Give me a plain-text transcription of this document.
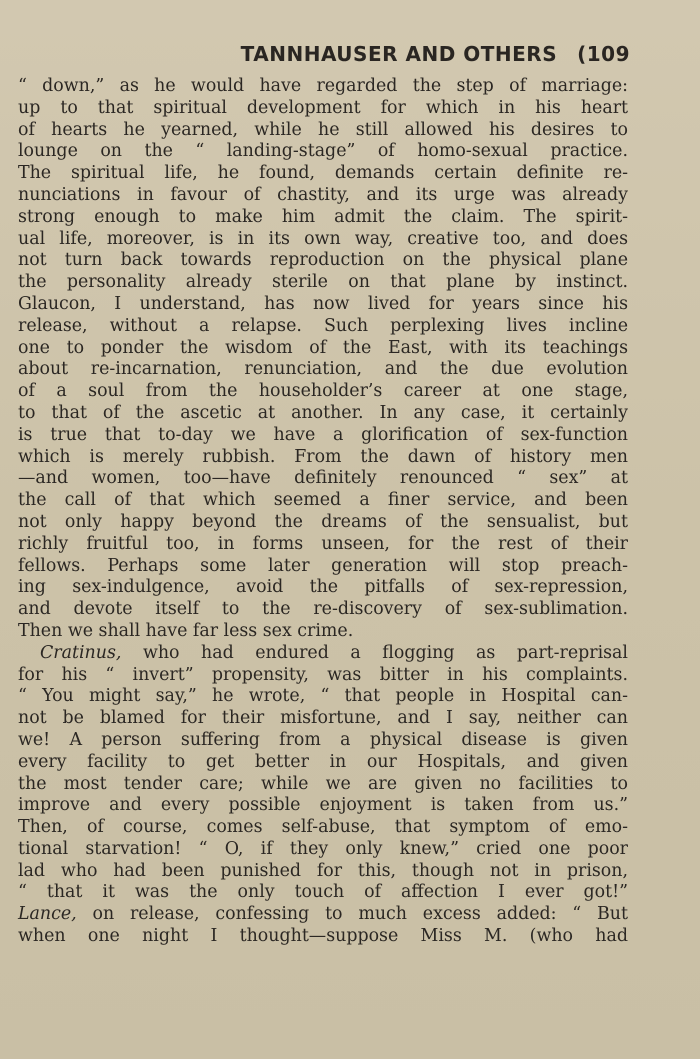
TANNHAUSER AND OTHERS (109
“ down,” as he would have regarded the step of marriage:
up to that spiritual development for which in his heart
of hearts he yearned, while he still allowed his desires to
lounge on the “ landing-stage” of homo-sexual practice.
The spiritual life, he found, demands certain definite re-
nunciations in favour of chastity, and its urge was already
strong enough to make him admit the claim. The spirit-
ual life, moreover, is in its own way, creative too, and does
not turn back towards reproduction on the physical plane
the personality already sterile on that plane by instinct.
Glaucon, I understand, has now lived for years since his
release, without a relapse. Such perplexing lives incline
one to ponder the wisdom of the East, with its teachings
about re-incarnation, renunciation, and the due evolution
of a soul from the householder’s career at one stage,
to that of the ascetic at another. In any case, it certainly
is true that to-day we have a glorification of sex-function
which is merely rubbish. From the dawn of history men
—and women, too—have definitely renounced “ sex” at
the call of that which seemed a finer service, and been
not only happy beyond the dreams of the sensualist, but
richly fruitful too, in forms unseen, for the rest of their
fellows. Perhaps some later generation will stop preach-
ing sex-indulgence, avoid the pitfalls of sex-repression,
and devote itself to the re-discovery of sex-sublimation.
Then we shall have far less sex crime.
Cratinus, who had endured a flogging as part-reprisal
for his “ invert” propensity, was bitter in his complaints.
“ You might say,” he wrote, “ that people in Hospital can-
not be blamed for their misfortune, and I say, neither can
we! A person suffering from a physical disease is given
every facility to get better in our Hospitals, and given
the most tender care; while we are given no facilities to
improve and every possible enjoyment is taken from us.”
Then, of course, comes self-abuse, that symptom of emo-
tional starvation! “ O, if they only knew,” cried one poor
lad who had been punished for this, though not in prison,
“ that it was the only touch of affection I ever got!”
Lance, on release, confessing to much excess added: “ But
when one night I thought—suppose Miss M. (who had
